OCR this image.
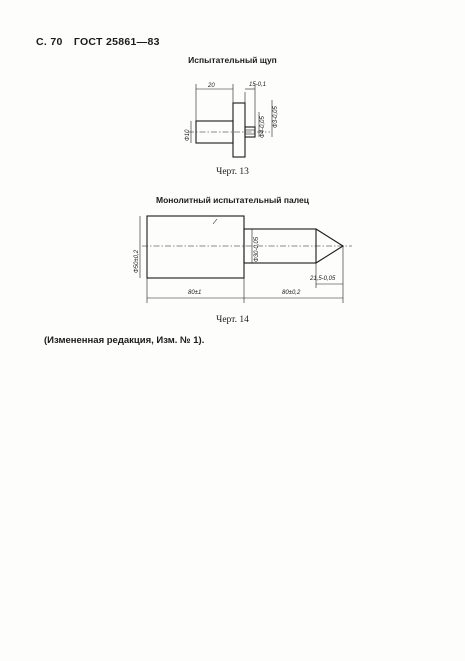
С. 70 ГОСТ 25861—83
Испытательный щуп
20	15-0,1
Ф10	Ф4-0,05 Ф3-0,05
Черт. 13
Монолитный испытательный палец
Ф50±0,2	Ф30-0,05
21,5-0,05
80±1	80±0,2
Черт. 14
(Измененная редакция, Изм. № 1).
